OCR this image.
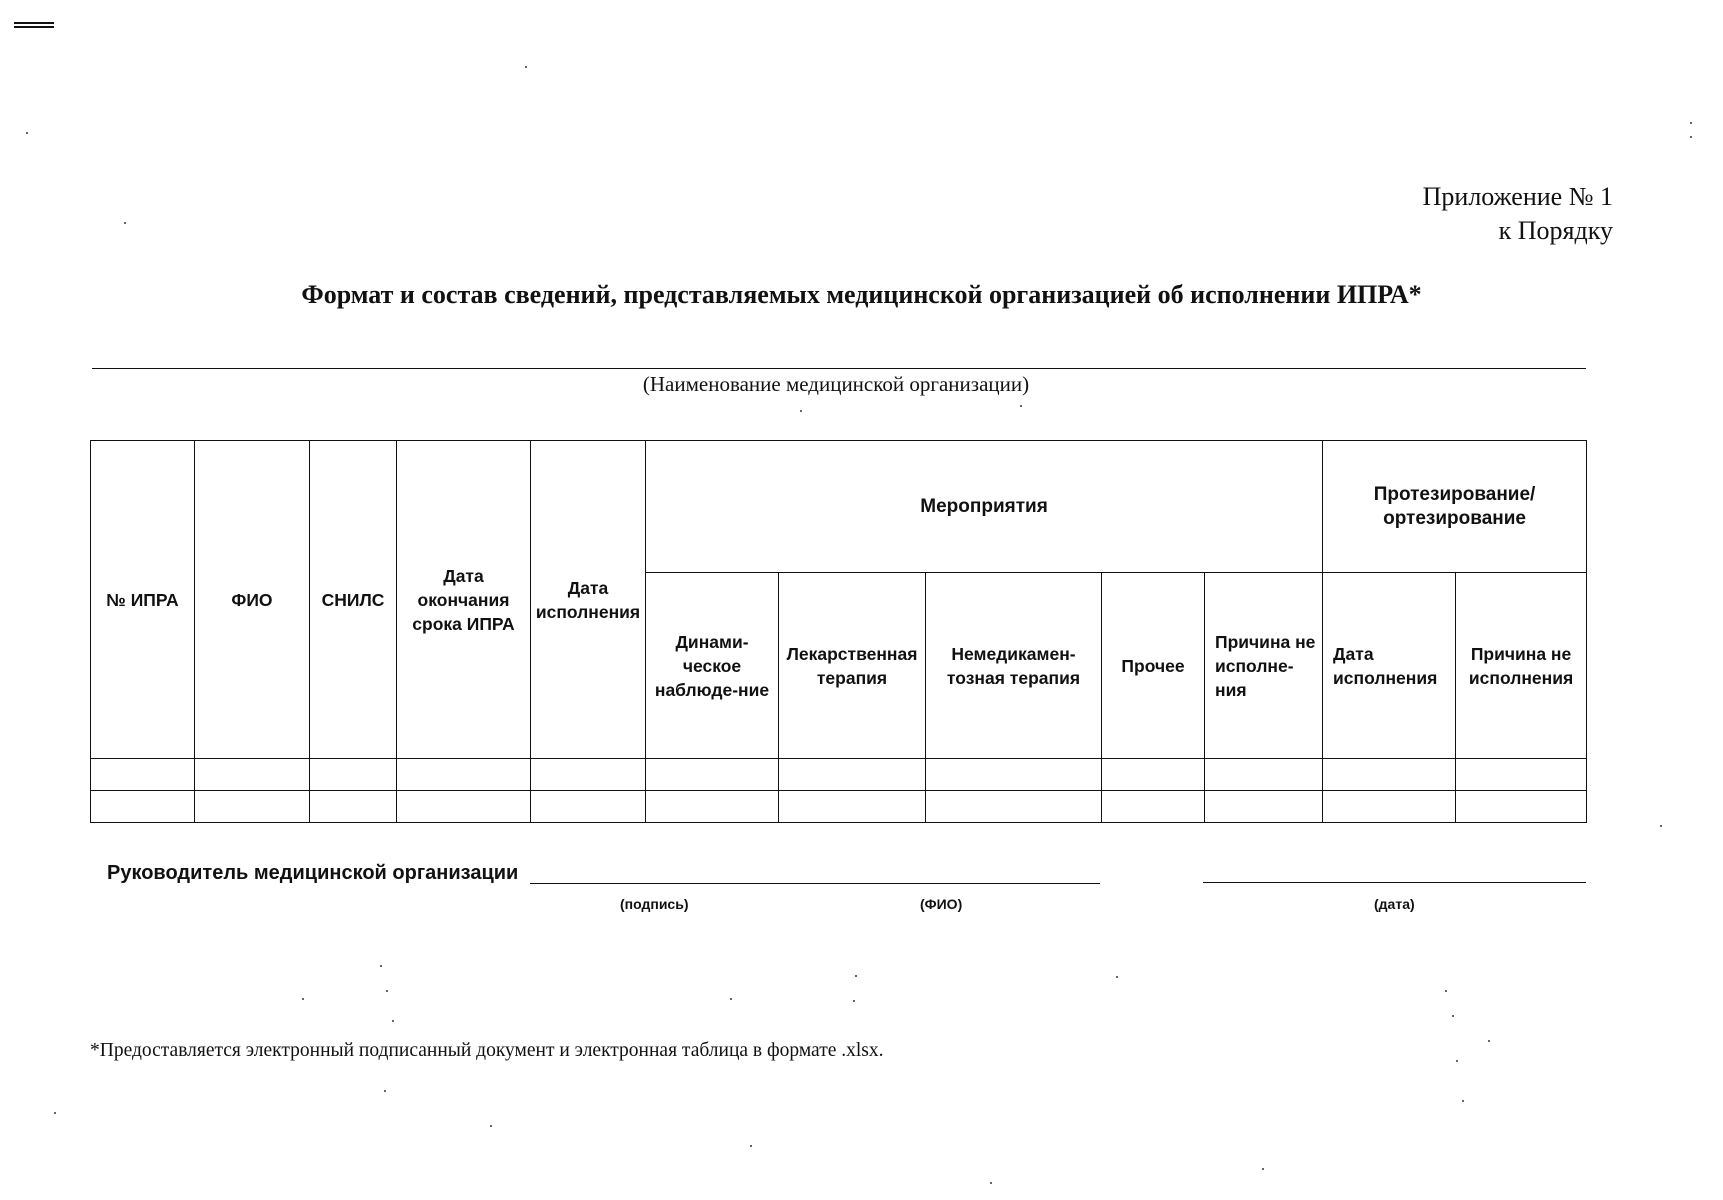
Приложение № 1
к Порядку
Формат и состав сведений, представляемых медицинской организацией об исполнении ИПРА*
(Наименование медицинской организации)
№ ИПРА	ФИО	СНИЛС	Дата окончания срока ИПРА	Дата исполнения	Мероприятия					Протезирование/ ортезирование	
					Динами-ческое наблюде-ние	Лекарственная терапия	Немедикамен-тозная терапия	Прочее	Причина не исполне-ния	Дата исполнения	Причина не исполнения

Руководитель медицинской организации
(подпись)	(ФИО)	(дата)
*Предоставляется электронный подписанный документ и электронная таблица в формате .xlsx.
